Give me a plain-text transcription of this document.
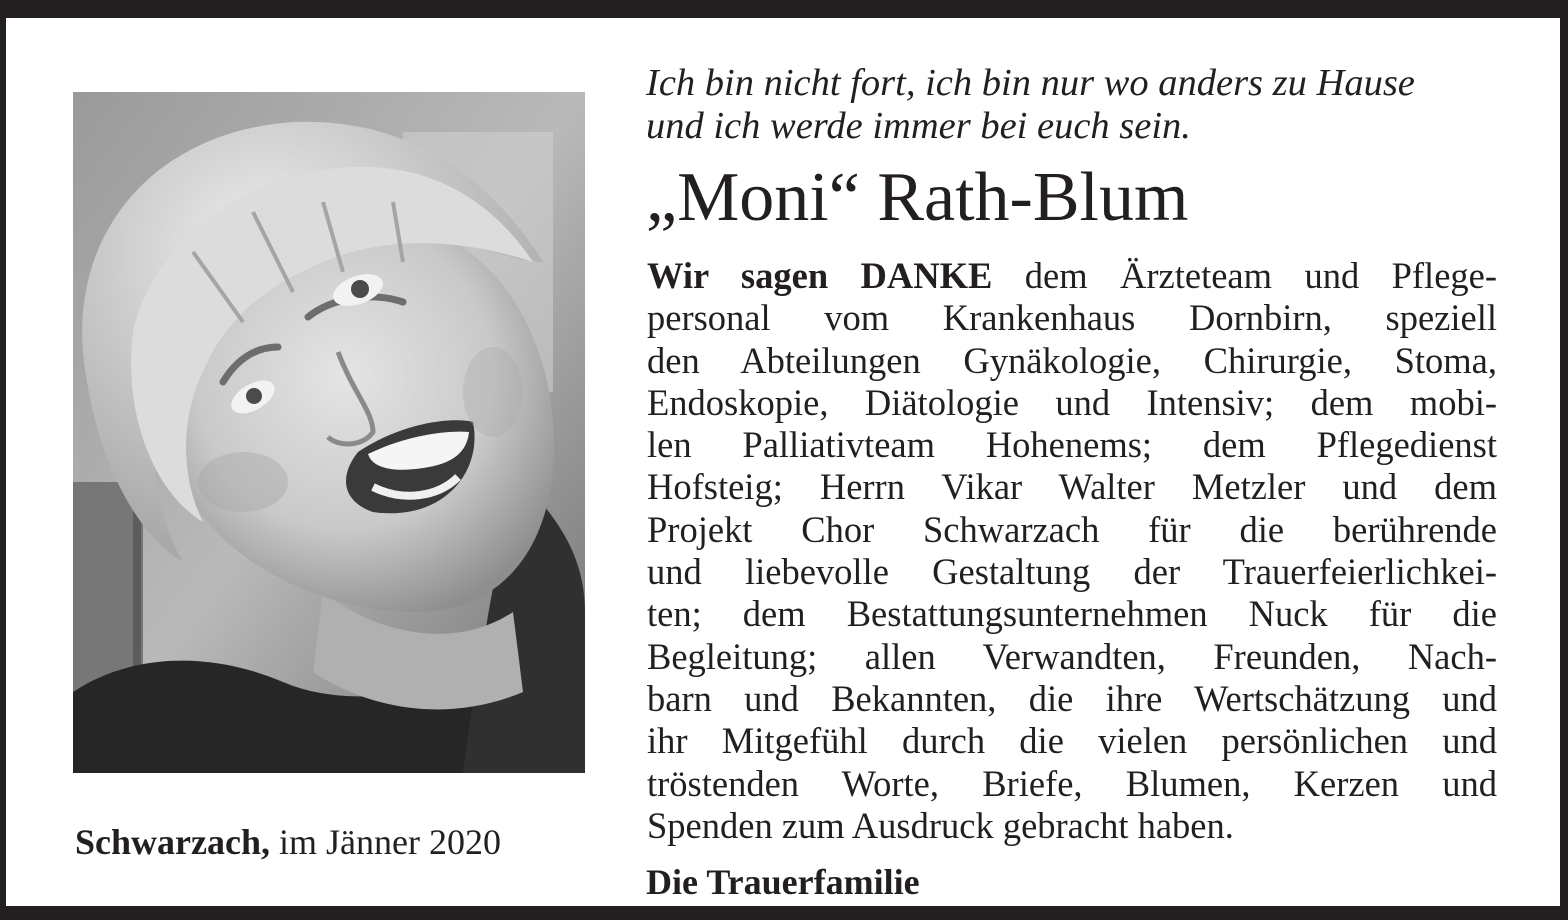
Ich bin nicht fort, ich bin nur wo anders zu Hause
und ich werde immer bei euch sein.
„Moni“ Rath-Blum
Wir sagen DANKE dem Ärzteteam und Pflege-
personal vom Krankenhaus Dornbirn, speziell
den Abteilungen Gynäkologie, Chirurgie, Stoma,
Endoskopie, Diätologie und Intensiv; dem mobi-
len Palliativteam Hohenems; dem Pflegedienst
Hofsteig; Herrn Vikar Walter Metzler und dem
Projekt Chor Schwarzach für die berührende
und liebevolle Gestaltung der Trauerfeierlichkei-
ten; dem Bestattungsunternehmen Nuck für die
Begleitung; allen Verwandten, Freunden, Nach-
barn und Bekannten, die ihre Wertschätzung und
ihr Mitgefühl durch die vielen persönlichen und
tröstenden Worte, Briefe, Blumen, Kerzen und
Spenden zum Ausdruck gebracht haben.
Die Trauerfamilie
Schwarzach, im Jänner 2020
